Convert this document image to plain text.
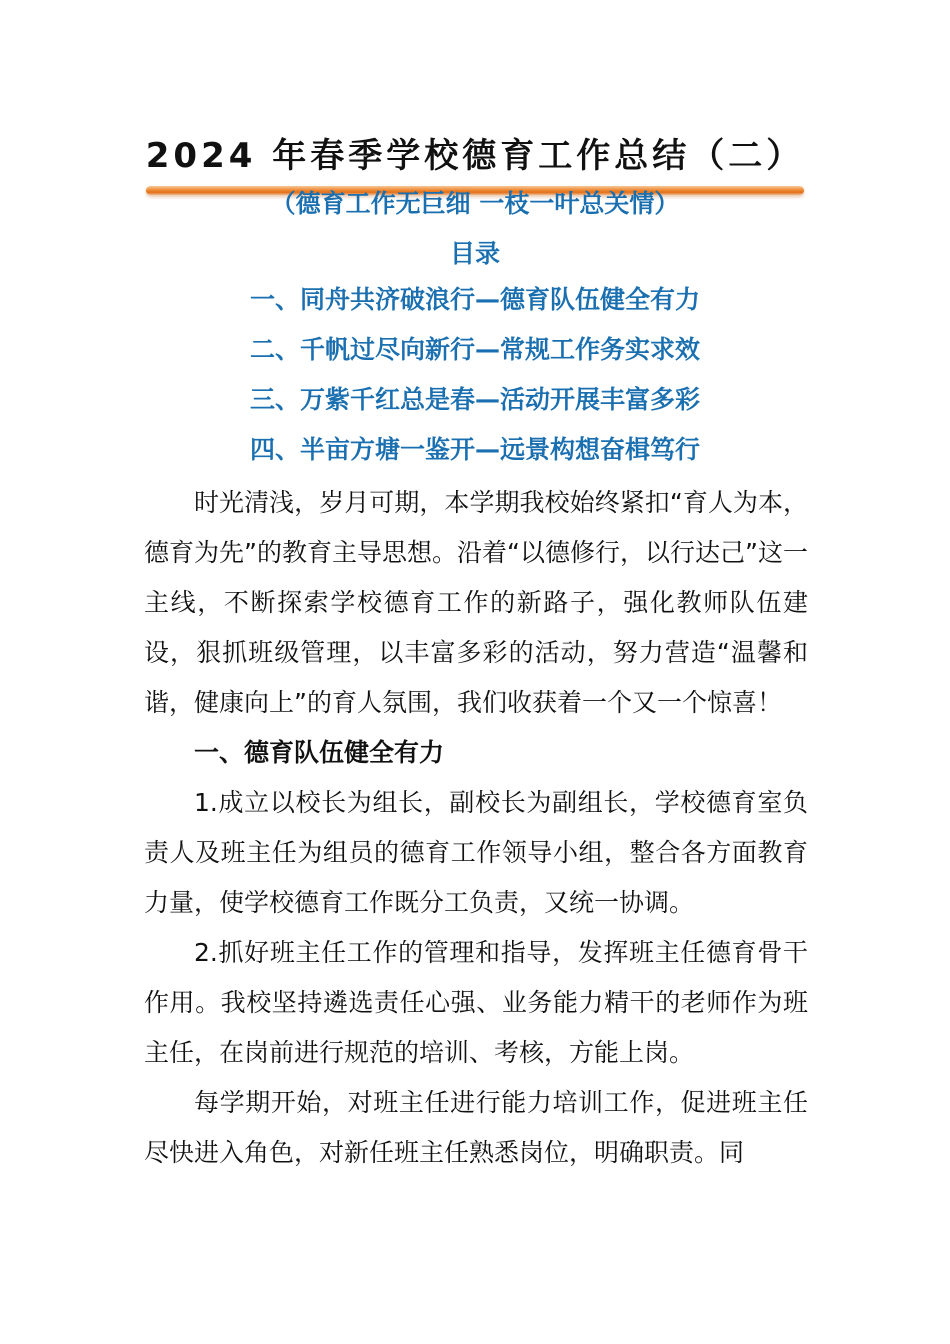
2024 年春季学校德育工作总结（二）
（德育工作无巨细 一枝一叶总关情）
目录
一、同舟共济破浪行—德育队伍健全有力
二、千帆过尽向新行—常规工作务实求效
三、万紫千红总是春—活动开展丰富多彩
四、半亩方塘一鉴开—远景构想奋楫笃行

时光清浅，岁月可期，本学期我校始终紧扣“育人为本，德育为先”的教育主导思想。沿着“以德修行，以行达己”这一主线，不断探索学校德育工作的新路子，强化教师队伍建设，狠抓班级管理，以丰富多彩的活动，努力营造“温馨和谐，健康向上”的育人氛围，我们收获着一个又一个惊喜！

一、德育队伍健全有力

1.成立以校长为组长，副校长为副组长，学校德育室负责人及班主任为组员的德育工作领导小组，整合各方面教育力量，使学校德育工作既分工负责，又统一协调。

2.抓好班主任工作的管理和指导，发挥班主任德育骨干作用。我校坚持遴选责任心强、业务能力精干的老师作为班主任，在岗前进行规范的培训、考核，方能上岗。

每学期开始，对班主任进行能力培训工作，促进班主任尽快进入角色，对新任班主任熟悉岗位，明确职责。同
